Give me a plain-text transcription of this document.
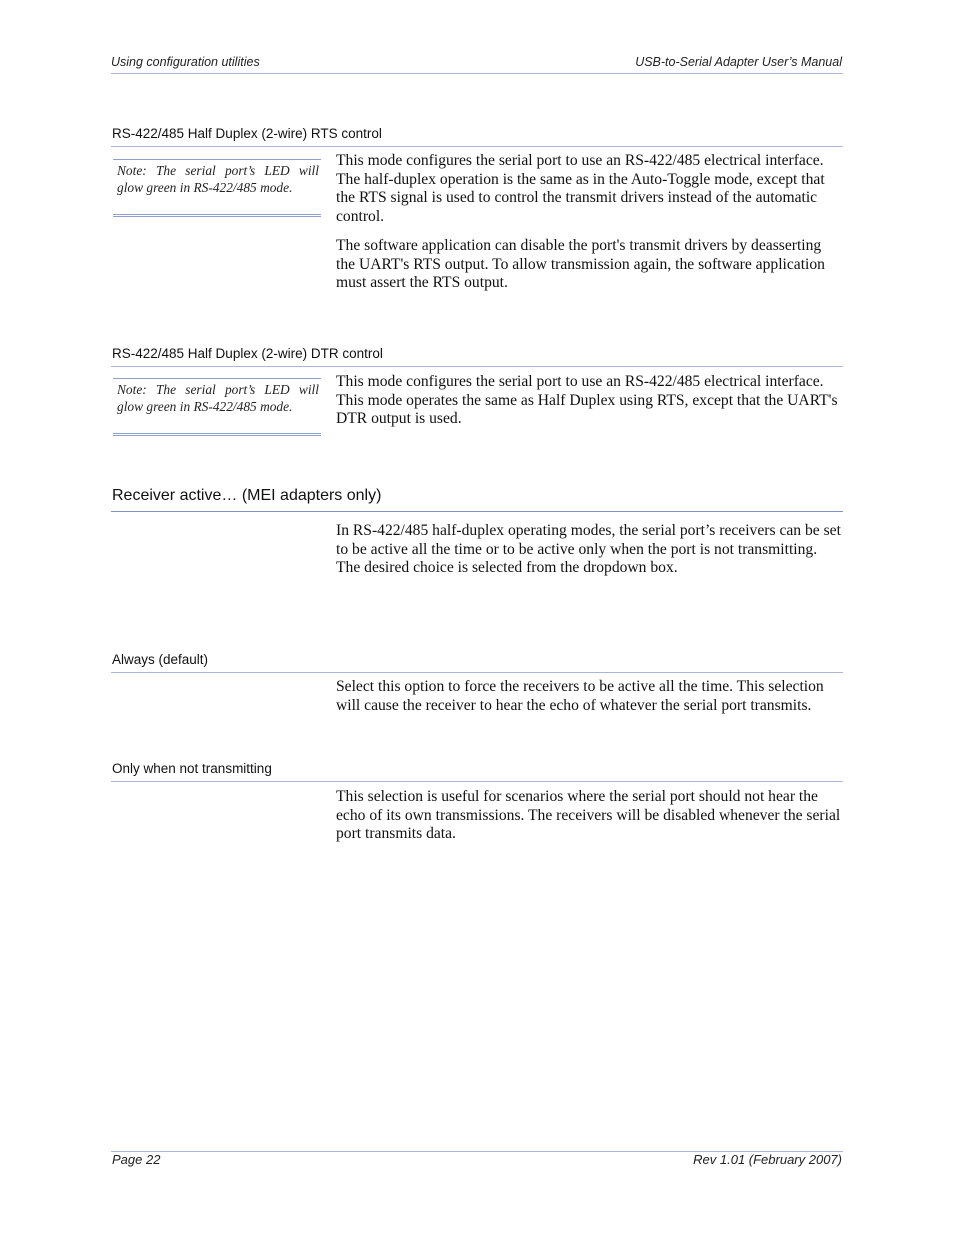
Using configuration utilities	USB-to-Serial Adapter User’s Manual
RS-422/485 Half Duplex (2-wire) RTS control
Note: The serial port’s LED will glow green in RS-422/485 mode.
This mode configures the serial port to use an RS-422/485 electrical interface. The half-duplex operation is the same as in the Auto-Toggle mode, except that the RTS signal is used to control the transmit drivers instead of the automatic control.
The software application can disable the port's transmit drivers by deasserting the UART's RTS output. To allow transmission again, the software application must assert the RTS output.
RS-422/485 Half Duplex (2-wire) DTR control
Note: The serial port’s LED will glow green in RS-422/485 mode.
This mode configures the serial port to use an RS-422/485 electrical interface. This mode operates the same as Half Duplex using RTS, except that the UART's DTR output is used.
Receiver active… (MEI adapters only)
In RS-422/485 half-duplex operating modes, the serial port’s receivers can be set to be active all the time or to be active only when the port is not transmitting. The desired choice is selected from the dropdown box.
Always (default)
Select this option to force the receivers to be active all the time. This selection will cause the receiver to hear the echo of whatever the serial port transmits.
Only when not transmitting
This selection is useful for scenarios where the serial port should not hear the echo of its own transmissions. The receivers will be disabled whenever the serial port transmits data.
Page 22	Rev 1.01 (February 2007)
